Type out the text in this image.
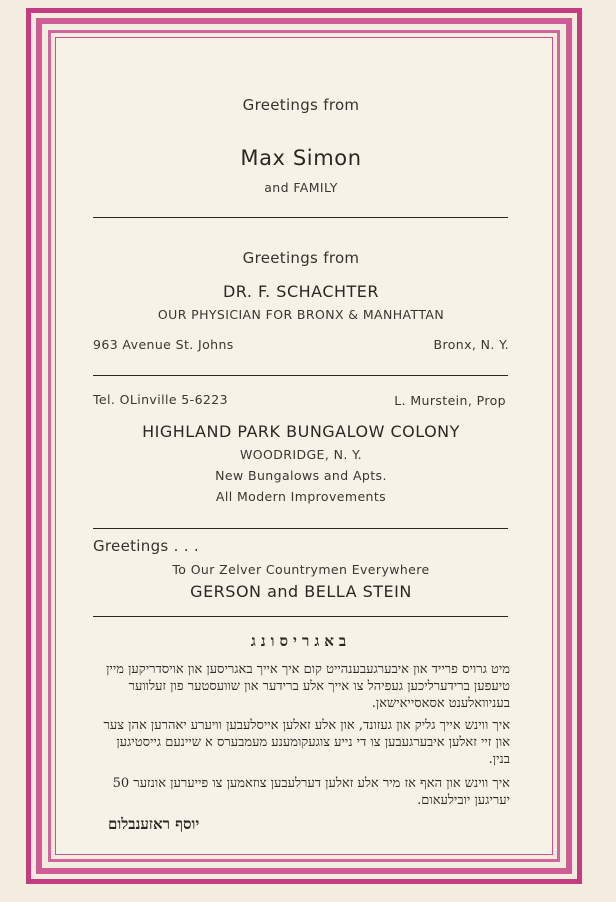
Greetings from
Max Simon
and FAMILY
Greetings from
DR. F. SCHACHTER
OUR PHYSICIAN FOR BRONX & MANHATTAN
963 Avenue St. Johns	Bronx, N. Y.
Tel. OLinville 5-6223	L. Murstein, Prop
HIGHLAND PARK BUNGALOW COLONY
WOODRIDGE, N. Y.
New Bungalows and Apts.
All Modern Improvements
Greetings . . .
To Our Zelver Countrymen Everywhere
GERSON and BELLA STEIN
באגריסונג
מיט גרויס פרייד און איבערגעבענהייט קום איך אייך באגריסען און אויסדריקען מיין טיעפען ברידערליכען געפיהל צו אייך אלע ברידער און שוועסטער פון זעלווער בעניוואלענט אסאסייאישאן.
איך ווינש אייך גליק און געזונד, און אלע זאלען אייסלעבען וויערע יאהרען אהן צער און זיי זאלען איבערגעבען צו די נייע צוגעקומענע מעמבערס א שיינעם גייסטיגען בנין.
איך ווינש און האף אז מיר אלע זאלען דערלעבען צוזאמען צו פייערען אונזער 50 יעריגען יובילעאום.
יוסף ראזענבלום
